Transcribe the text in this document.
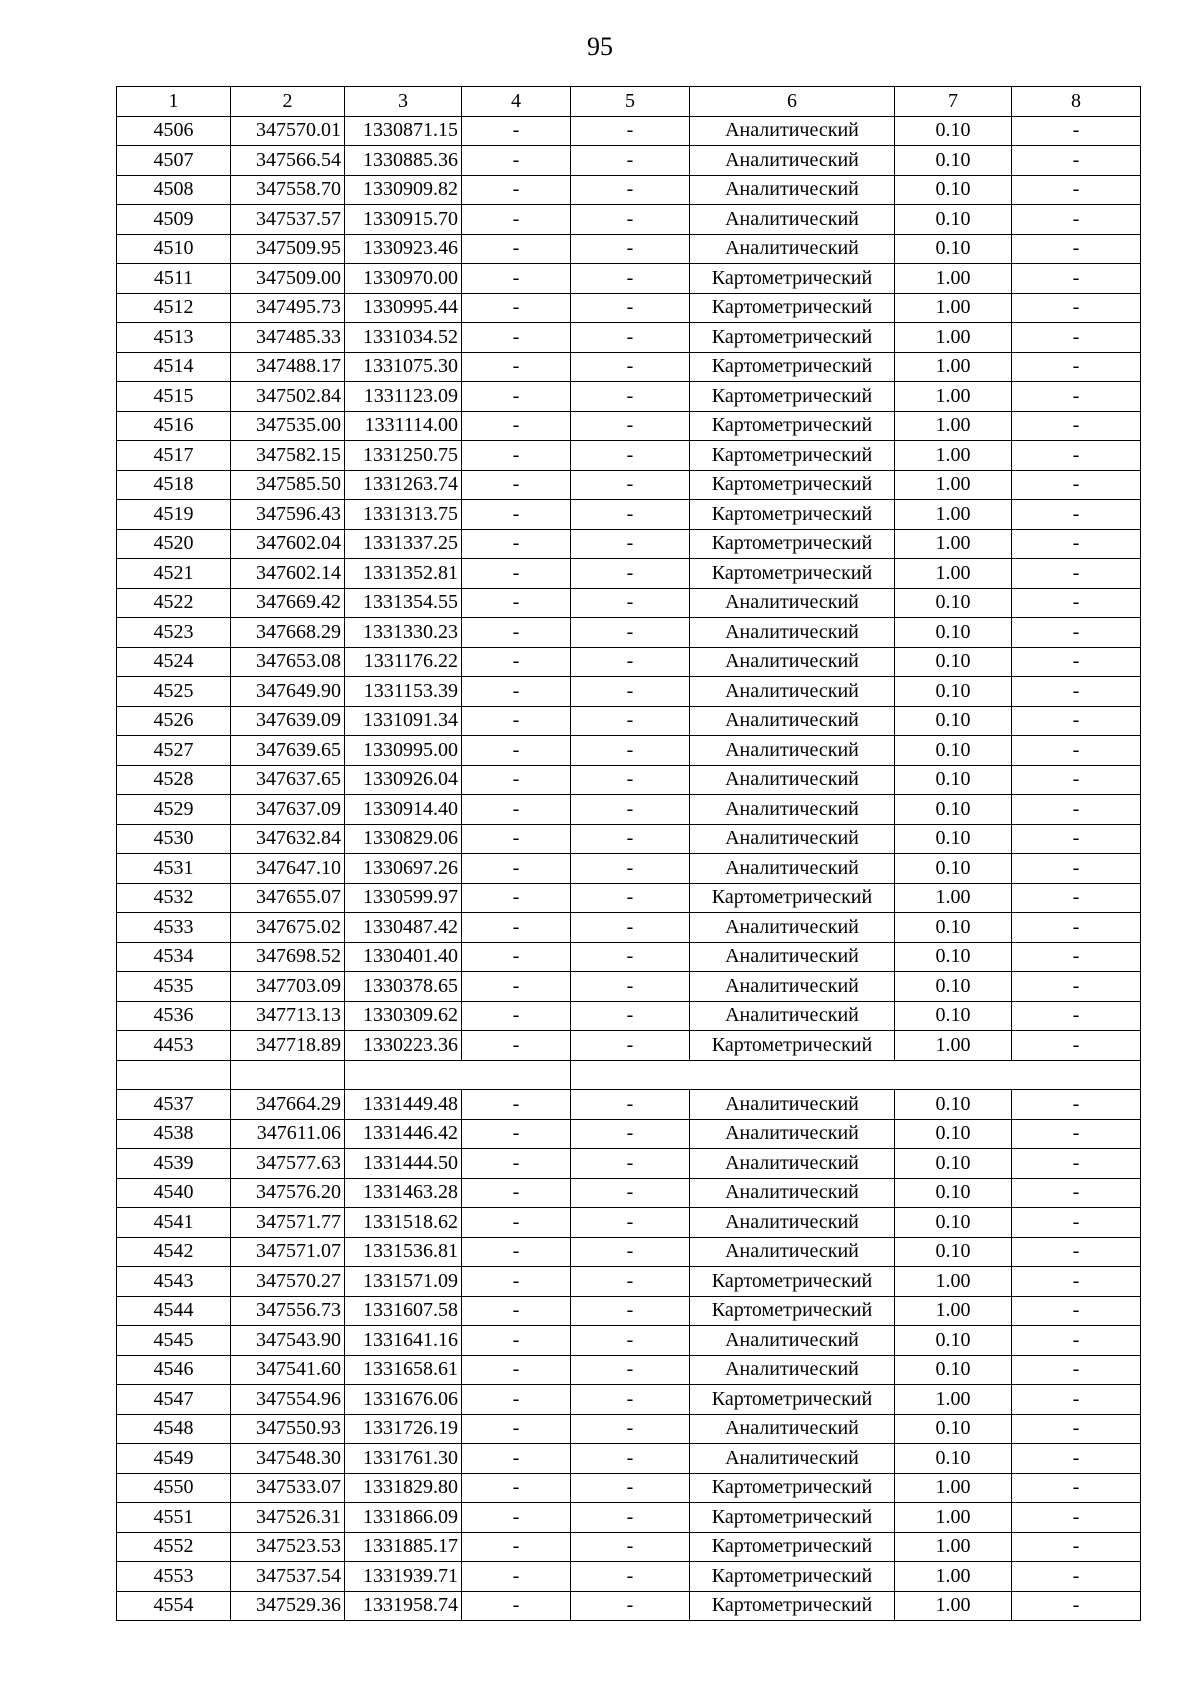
95
1	2	3	4	5	6	7	8
4506	347570.01	1330871.15	-	-	Аналитический	0.10	-
4507	347566.54	1330885.36	-	-	Аналитический	0.10	-
4508	347558.70	1330909.82	-	-	Аналитический	0.10	-
4509	347537.57	1330915.70	-	-	Аналитический	0.10	-
4510	347509.95	1330923.46	-	-	Аналитический	0.10	-
4511	347509.00	1330970.00	-	-	Картометрический	1.00	-
4512	347495.73	1330995.44	-	-	Картометрический	1.00	-
4513	347485.33	1331034.52	-	-	Картометрический	1.00	-
4514	347488.17	1331075.30	-	-	Картометрический	1.00	-
4515	347502.84	1331123.09	-	-	Картометрический	1.00	-
4516	347535.00	1331114.00	-	-	Картометрический	1.00	-
4517	347582.15	1331250.75	-	-	Картометрический	1.00	-
4518	347585.50	1331263.74	-	-	Картометрический	1.00	-
4519	347596.43	1331313.75	-	-	Картометрический	1.00	-
4520	347602.04	1331337.25	-	-	Картометрический	1.00	-
4521	347602.14	1331352.81	-	-	Картометрический	1.00	-
4522	347669.42	1331354.55	-	-	Аналитический	0.10	-
4523	347668.29	1331330.23	-	-	Аналитический	0.10	-
4524	347653.08	1331176.22	-	-	Аналитический	0.10	-
4525	347649.90	1331153.39	-	-	Аналитический	0.10	-
4526	347639.09	1331091.34	-	-	Аналитический	0.10	-
4527	347639.65	1330995.00	-	-	Аналитический	0.10	-
4528	347637.65	1330926.04	-	-	Аналитический	0.10	-
4529	347637.09	1330914.40	-	-	Аналитический	0.10	-
4530	347632.84	1330829.06	-	-	Аналитический	0.10	-
4531	347647.10	1330697.26	-	-	Аналитический	0.10	-
4532	347655.07	1330599.97	-	-	Картометрический	1.00	-
4533	347675.02	1330487.42	-	-	Аналитический	0.10	-
4534	347698.52	1330401.40	-	-	Аналитический	0.10	-
4535	347703.09	1330378.65	-	-	Аналитический	0.10	-
4536	347713.13	1330309.62	-	-	Аналитический	0.10	-
4453	347718.89	1330223.36	-	-	Картометрический	1.00	-

4537	347664.29	1331449.48	-	-	Аналитический	0.10	-
4538	347611.06	1331446.42	-	-	Аналитический	0.10	-
4539	347577.63	1331444.50	-	-	Аналитический	0.10	-
4540	347576.20	1331463.28	-	-	Аналитический	0.10	-
4541	347571.77	1331518.62	-	-	Аналитический	0.10	-
4542	347571.07	1331536.81	-	-	Аналитический	0.10	-
4543	347570.27	1331571.09	-	-	Картометрический	1.00	-
4544	347556.73	1331607.58	-	-	Картометрический	1.00	-
4545	347543.90	1331641.16	-	-	Аналитический	0.10	-
4546	347541.60	1331658.61	-	-	Аналитический	0.10	-
4547	347554.96	1331676.06	-	-	Картометрический	1.00	-
4548	347550.93	1331726.19	-	-	Аналитический	0.10	-
4549	347548.30	1331761.30	-	-	Аналитический	0.10	-
4550	347533.07	1331829.80	-	-	Картометрический	1.00	-
4551	347526.31	1331866.09	-	-	Картометрический	1.00	-
4552	347523.53	1331885.17	-	-	Картометрический	1.00	-
4553	347537.54	1331939.71	-	-	Картометрический	1.00	-
4554	347529.36	1331958.74	-	-	Картометрический	1.00	-
